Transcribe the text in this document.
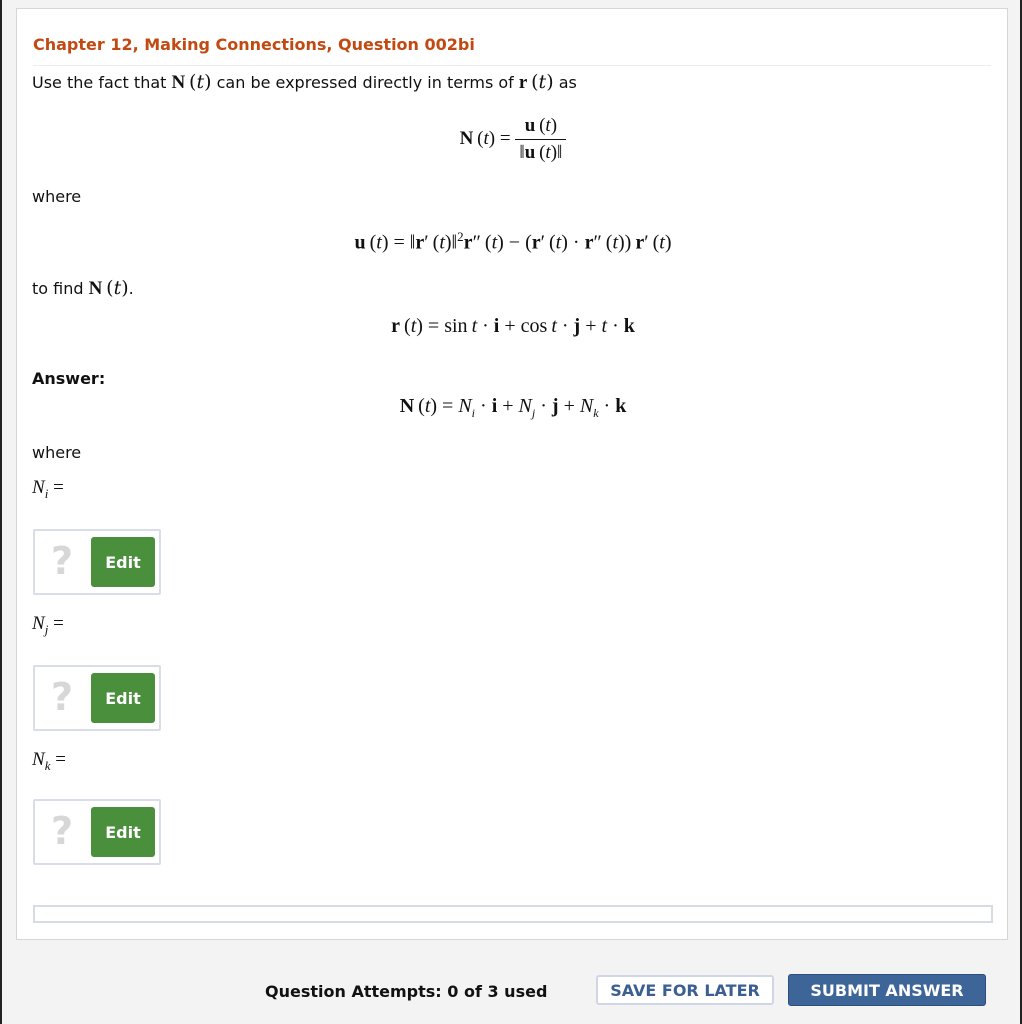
Chapter 12, Making Connections, Question 002bi
Use the fact that N (t) can be expressed directly in terms of r (t) as
N $(t) = \frac{u (t)}{‖u (t)‖}$
where
u (t) = ‖r′ (t)‖$^2$r″ (t) − (r′ (t) · r″ (t)) r′ (t)
to find N (t).
r (t) = sin t · i + cos t · j + t · k
Answer:
N $(t) = N_i \cdot i + N_j \cdot j + N_k \cdot k$
where
$N_i$ =
?	Edit
$N_j$ =
?	Edit
$N_k$ =
?	Edit
Question Attempts: 0 of 3 used	SAVE FOR LATER	SUBMIT ANSWER
